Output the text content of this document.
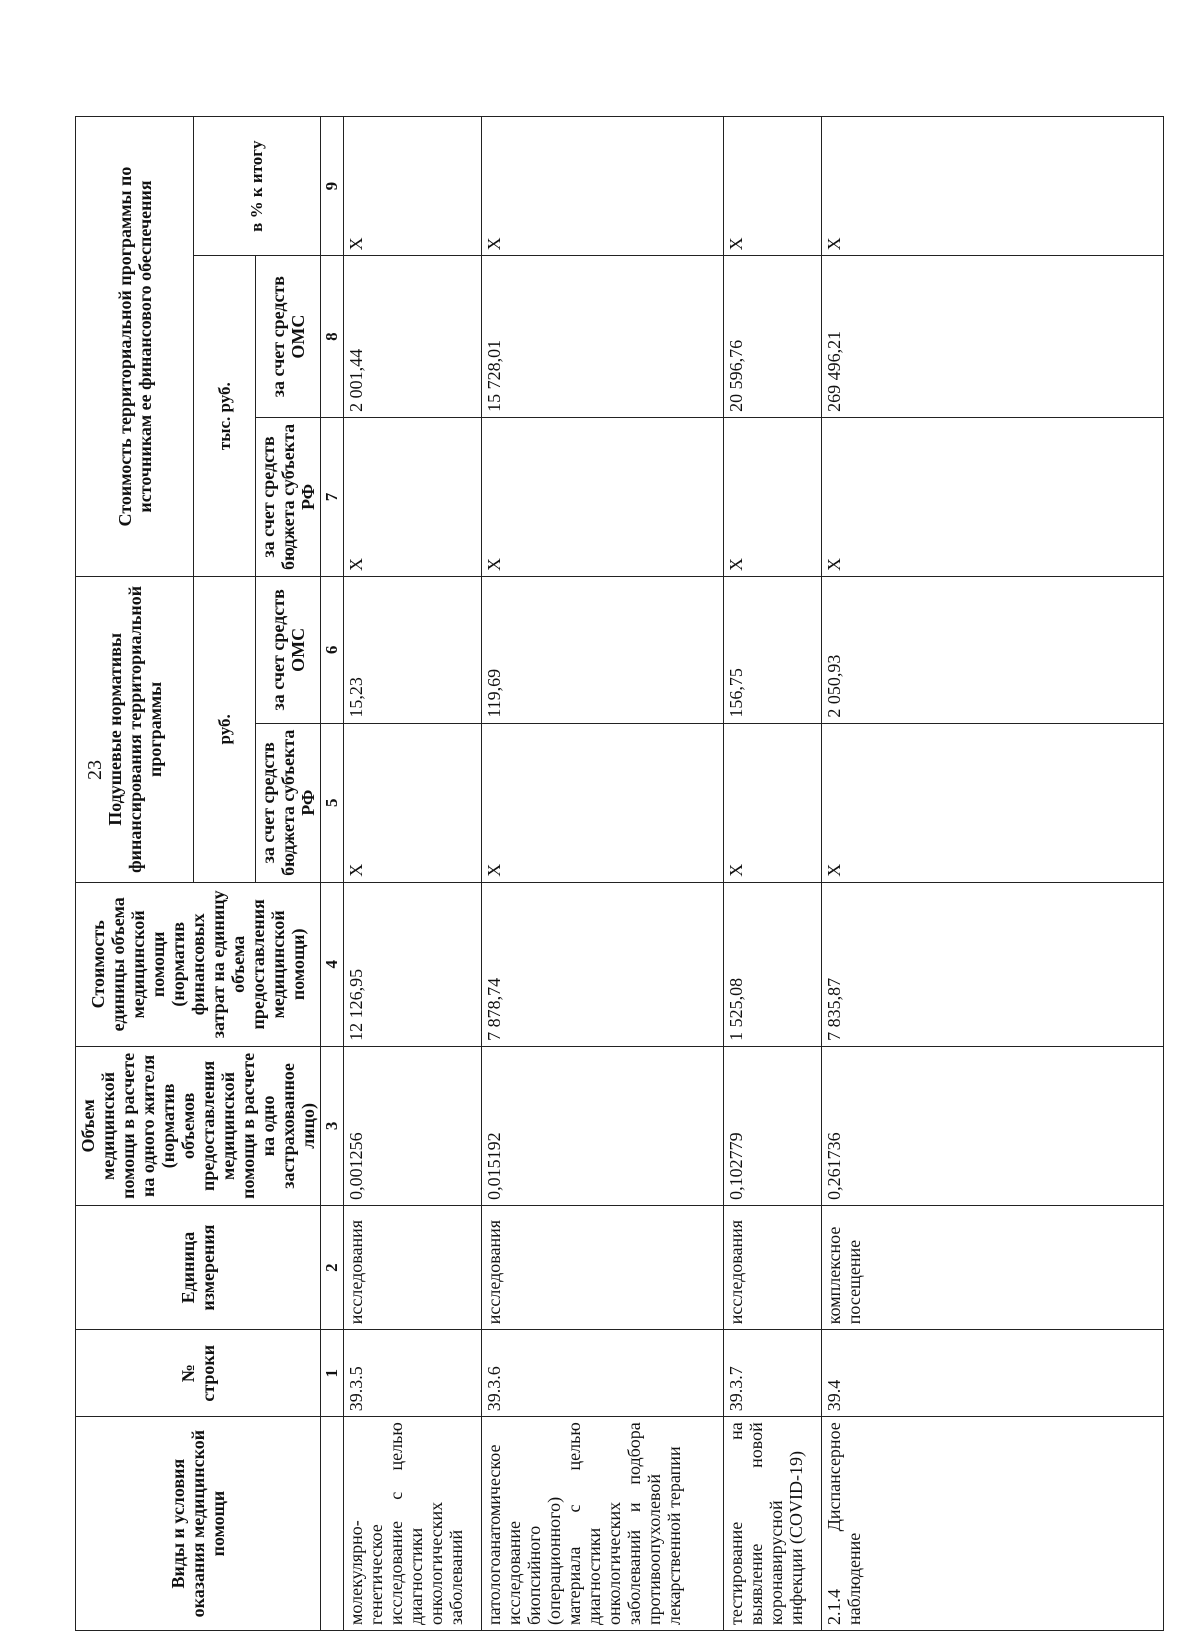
Виды и условия оказания медицинской помощи	№ строки	Единица измерения	Объем медицинской помощи в расчете на одного жителя (норматив объемов предоставления медицинской помощи в расчете на одно застрахованное лицо)	Стоимость единицы объема медицинской помощи (норматив финансовых затрат на единицу объема предоставления медицинской помощи)	Подушевые нормативы финансирования территориальной программы		Стоимость территориальной программы по источникам ее финансового обеспечения		
					руб.		тыс. руб.		в % к итогу
					за счет средств бюджета субъекта РФ	за счет средств ОМС	за счет средств бюджета субъекта РФ	за счет средств ОМС	
	1	2	3	4	5	6	7	8	9
молекулярно-генетическое исследование с целью диагностики онкологических заболеваний	39.3.5	исследования	0,001256	12 126,95	X	15,23	X	2 001,44	X
патологоанатомическое исследование биопсийного (операционного) материала с целью диагностики онкологических заболеваний и подбора противоопухолевой лекарственной терапии	39.3.6	исследования	0,015192	7 878,74	X	119,69	X	15 728,01	X
тестирование на выявление новой коронавирусной инфекции (COVID-19)	39.3.7	исследования	0,102779	1 525,08	X	156,75	X	20 596,76	X
2.1.4 Диспансерное наблюдение	39.4	комплексное посещение	0,261736	7 835,87	X	2 050,93	X	269 496,21	X
23
